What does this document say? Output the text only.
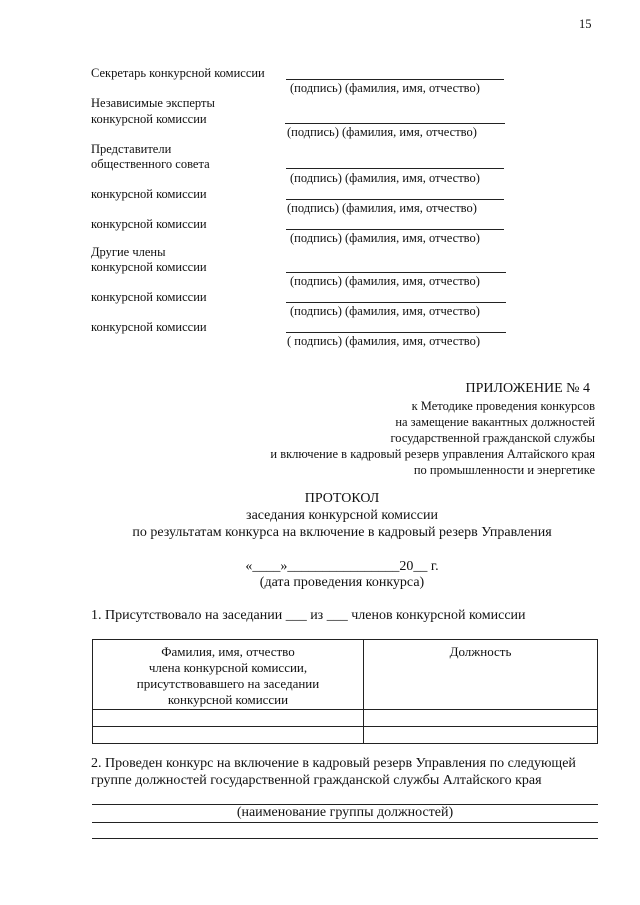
15
Секретарь конкурсной комиссии
(подпись) (фамилия, имя, отчество)
Независимые эксперты
конкурсной комиссии
(подпись) (фамилия, имя, отчество)
Представители
общественного совета
(подпись) (фамилия, имя, отчество)
конкурсной комиссии
(подпись) (фамилия, имя, отчество)
конкурсной комиссии
(подпись) (фамилия, имя, отчество)
Другие члены
конкурсной комиссии
(подпись) (фамилия, имя, отчество)
конкурсной комиссии
(подпись) (фамилия, имя, отчество)
конкурсной комиссии
( подпись) (фамилия, имя, отчество)
ПРИЛОЖЕНИЕ № 4
к Методике проведения конкурсов
на замещение вакантных должностей
государственной гражданской службы
и включение в кадровый резерв управления Алтайского края
по промышленности и энергетике
ПРОТОКОЛ
заседания конкурсной комиссии
по результатам конкурса на включение в кадровый резерв Управления
«____»________________20__ г.
(дата проведения конкурса)
1. Присутствовало на заседании ___ из ___ членов конкурсной комиссии
Фамилия, имя, отчество
члена конкурсной комиссии,
присутствовавшего на заседании
конкурсной комиссии	Должность

2. Проведен конкурс на включение в кадровый резерв Управления по следующей
группе должностей государственной гражданской службы Алтайского края
(наименование группы должностей)
